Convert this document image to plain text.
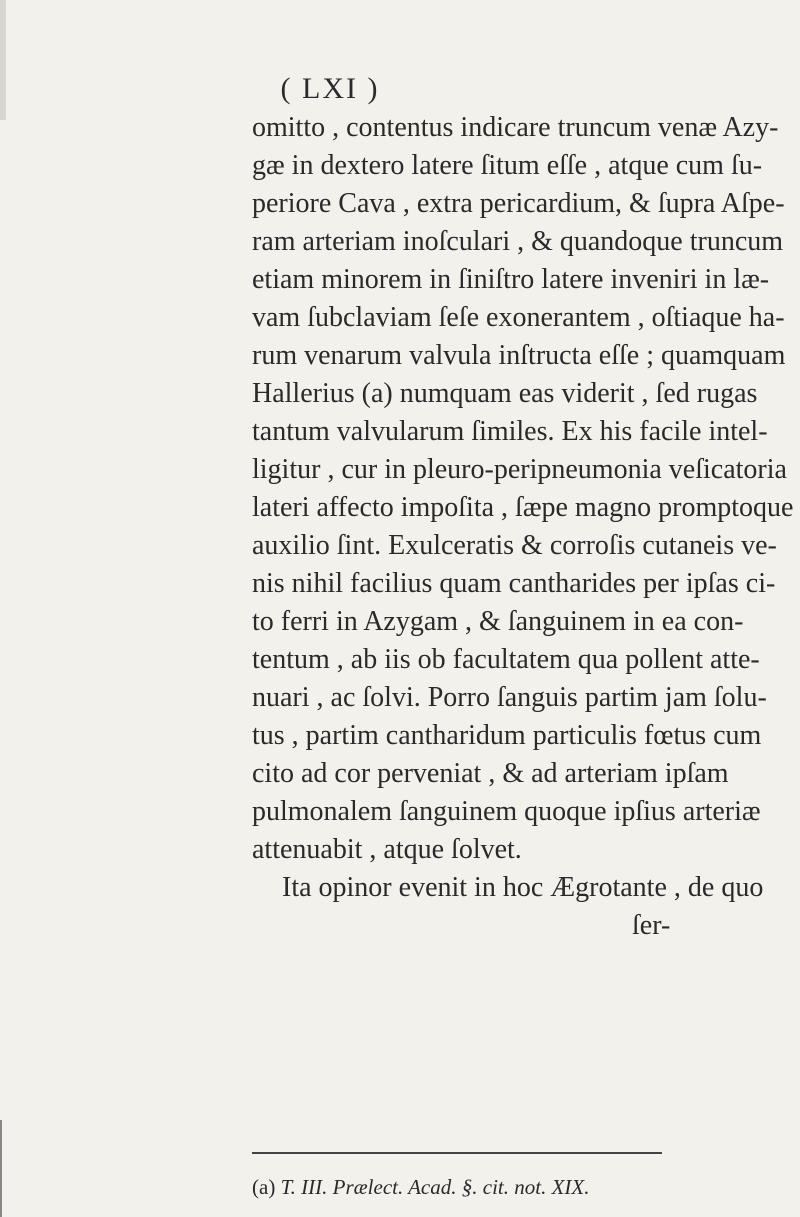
( LXI )
omitto , contentus indicare truncum venæ Azy-
gæ in dextero latere ſitum eſſe , atque cum ſu-
periore Cava , extra pericardium, & ſupra Aſpe-
ram arteriam inoſculari , & quandoque truncum
etiam minorem in ſiniſtro latere inveniri in læ-
vam ſubclaviam ſeſe exonerantem , oſtiaque ha-
rum venarum valvula inſtructa eſſe ; quamquam
Hallerius (a) numquam eas viderit , ſed rugas
tantum valvularum ſimiles. Ex his facile intel-
ligitur , cur in pleuro-peripneumonia veſicatoria
lateri affecto impoſita , ſæpe magno promptoque
auxilio ſint. Exulceratis & corroſis cutaneis ve-
nis nihil facilius quam cantharides per ipſas ci-
to ferri in Azygam , & ſanguinem in ea con-
tentum , ab iis ob facultatem qua pollent atte-
nuari , ac ſolvi. Porro ſanguis partim jam ſolu-
tus , partim cantharidum particulis fœtus cum
cito ad cor perveniat , & ad arteriam ipſam
pulmonalem ſanguinem quoque ipſius arteriæ
attenuabit , atque ſolvet.
Ita opinor evenit in hoc Ægrotante , de quo
ſer-
(a) T. III. Prælect. Acad. §. cit. not. XIX.
